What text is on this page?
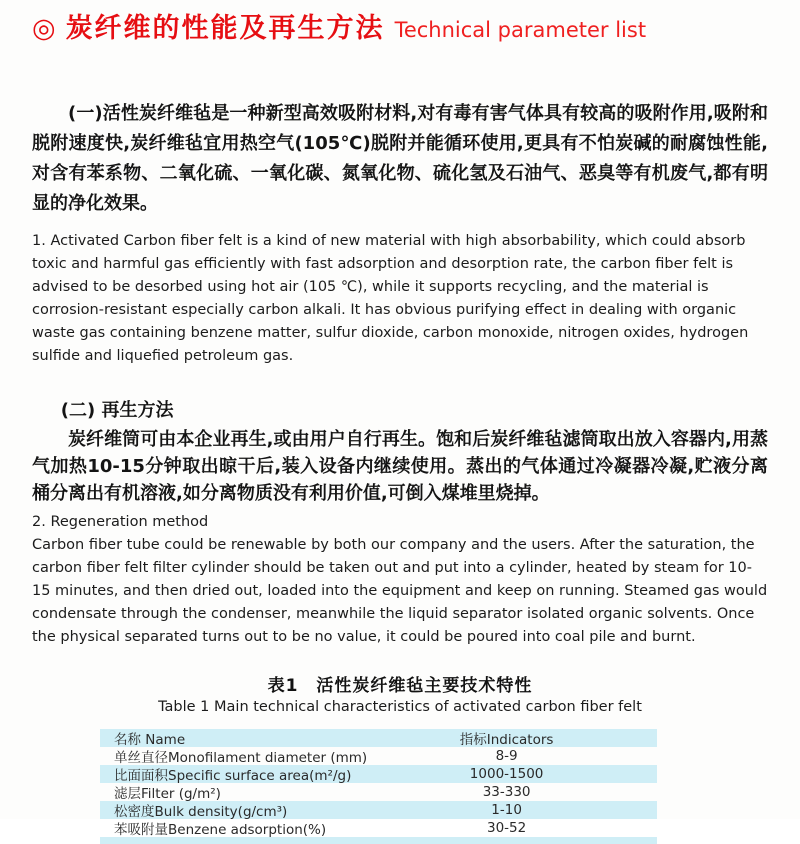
◎ 炭纤维的性能及再生方法 Technical parameter list

(一)活性炭纤维毡是一种新型高效吸附材料,对有毒有害气体具有较高的吸附作用,吸附和脱附速度快,炭纤维毡宜用热空气(105℃)脱附并能循环使用,更具有不怕炭碱的耐腐蚀性能,对含有苯系物、二氧化硫、一氧化碳、氮氧化物、硫化氢及石油气、恶臭等有机废气,都有明显的净化效果。

1. Activated Carbon fiber felt is a kind of new material with high absorbability, which could absorb toxic and harmful gas efficiently with fast adsorption and desorption rate, the carbon fiber felt is advised to be desorbed using hot air (105 ℃), while it supports recycling, and the material is corrosion-resistant especially carbon alkali. It has obvious purifying effect in dealing with organic waste gas containing benzene matter, sulfur dioxide, carbon monoxide, nitrogen oxides, hydrogen sulfide and liquefied petroleum gas.

(二) 再生方法

炭纤维筒可由本企业再生,或由用户自行再生。饱和后炭纤维毡滤筒取出放入容器内,用蒸气加热10-15分钟取出晾干后,装入设备内继续使用。蒸出的气体通过冷凝器冷凝,贮液分离桶分离出有机溶液,如分离物质没有利用价值,可倒入煤堆里烧掉。

2. Regeneration method

Carbon fiber tube could be renewable by both our company and the users. After the saturation, the carbon fiber felt filter cylinder should be taken out and put into a cylinder, heated by steam for 10-15 minutes, and then dried out, loaded into the equipment and keep on running. Steamed gas would condensate through the condenser, meanwhile the liquid separator isolated organic solvents. Once the physical separated turns out to be no value, it could be poured into coal pile and burnt.

表1　活性炭纤维毡主要技术特性
Table 1 Main technical characteristics of activated carbon fiber felt
名称 Name	指标Indicators
单丝直径Monofilament diameter (mm)	8-9
比面面积Specific surface area(m²/g)	1000-1500
滤层Filter (g/m²)	33-330
松密度Bulk density(g/cm³)	1-10
苯吸附量Benzene adsorption(%)	30-52
